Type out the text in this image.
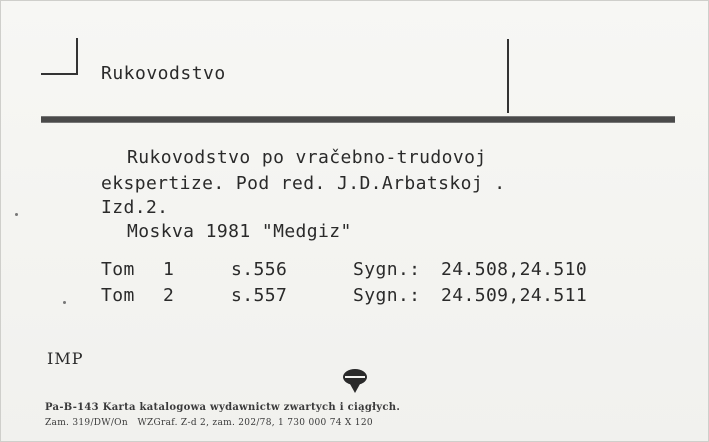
Rukovodstvo
Rukovodstvo po vračebno-trudovoj
ekspertize. Pod red. J.D.Arbatskoj .
Izd.2.
Moskva 1981 "Medgiz"
Tom 1	s.556	Sygn.: 24.508,24.510
Tom 2	s.557	Sygn.: 24.509,24.511
IMP
Pa-B-143 Karta katalogowa wydawnictw zwartych i ciągłych.
Zam. 319/DW/On   WZGraf. Z-d 2, zam. 202/78, 1 730 000 74 X 120
